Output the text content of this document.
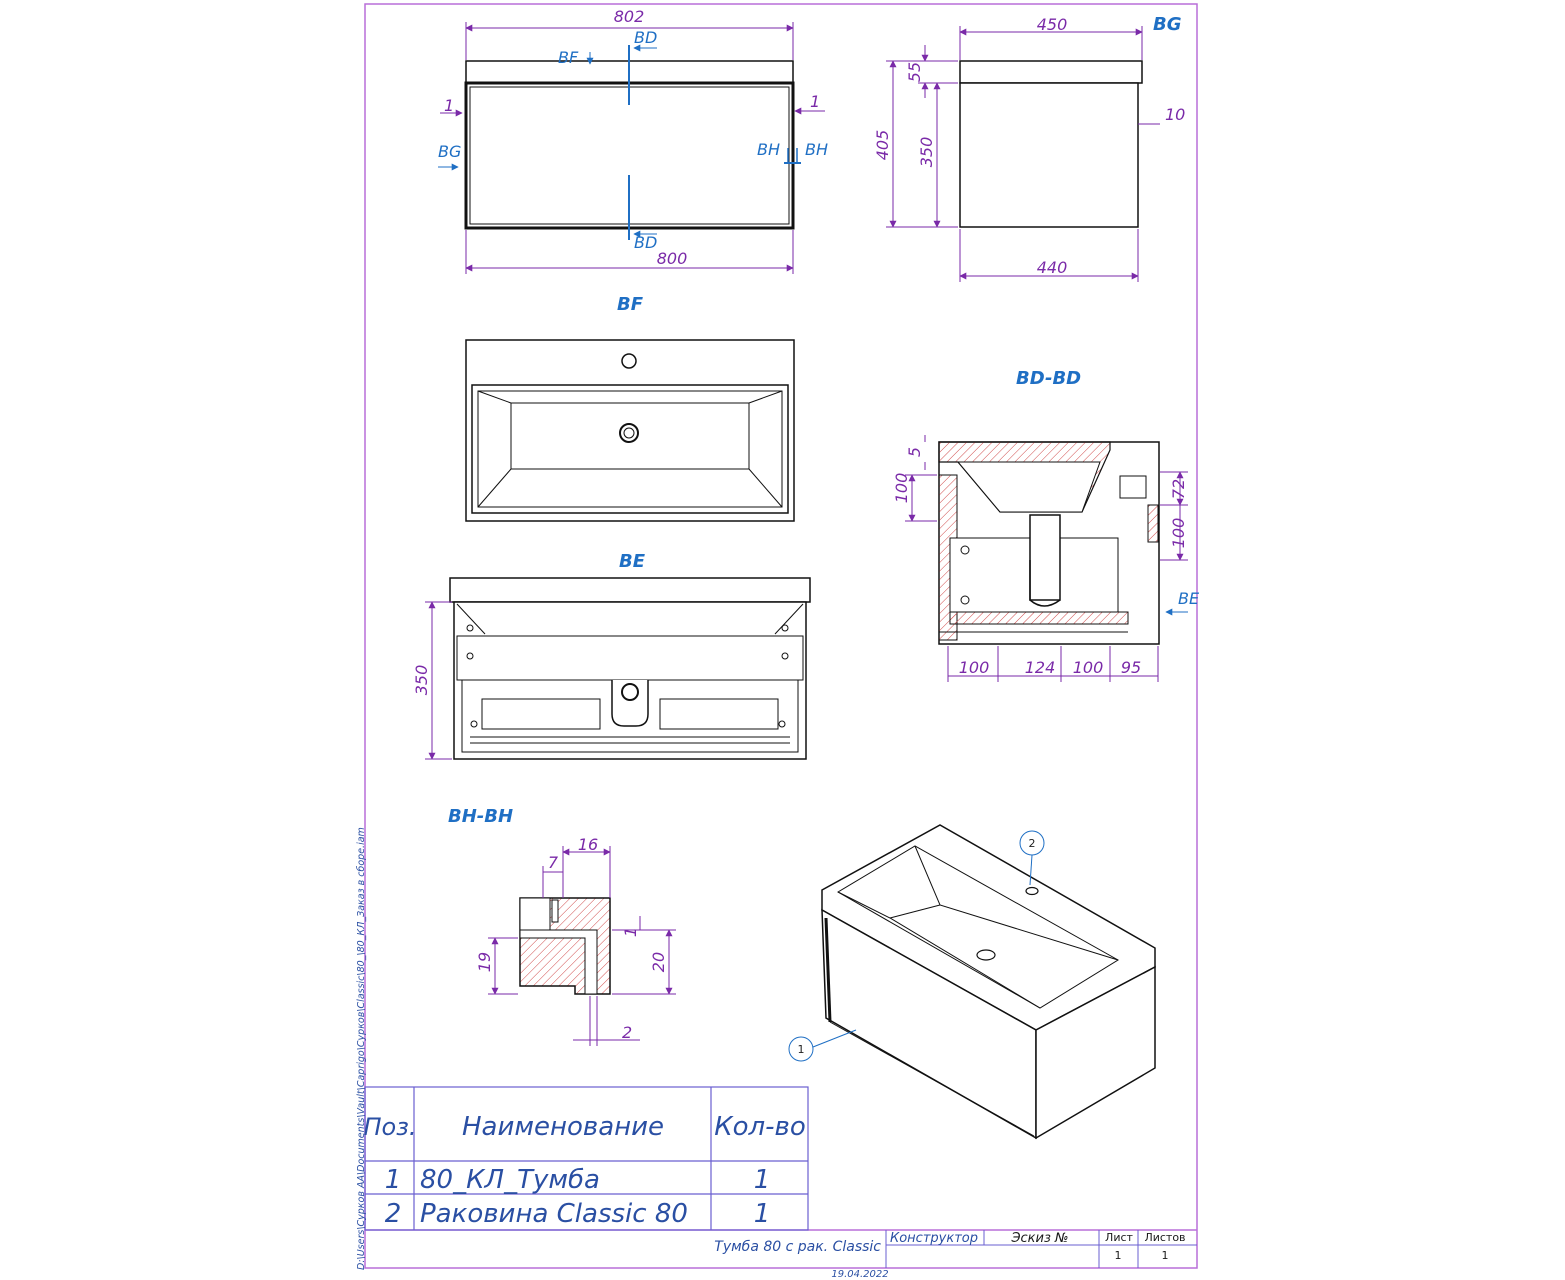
802
800
1	1
BF
BD
BD
BG	BH BH
BG
450
440
405
55
350
10
BF
BE
350
BD-BD
5
100	72
100
BE
100 124 100 95
BH-BH
16
7
1
19	20
2
1
2
Поз. Наименование Кол-во
1 80_КЛ_Тумба	1
2 Раковина Classic 80	1
Тумба 80 с рак. Classic
Конструктор	Эскиз №	Лист Листов
1	1
19.04.2022
D:\Users\Сурков АА\Documents\Vault\Caprigo\Сурков\Classic\80_\80_КЛ_Заказ в сборе.iam
